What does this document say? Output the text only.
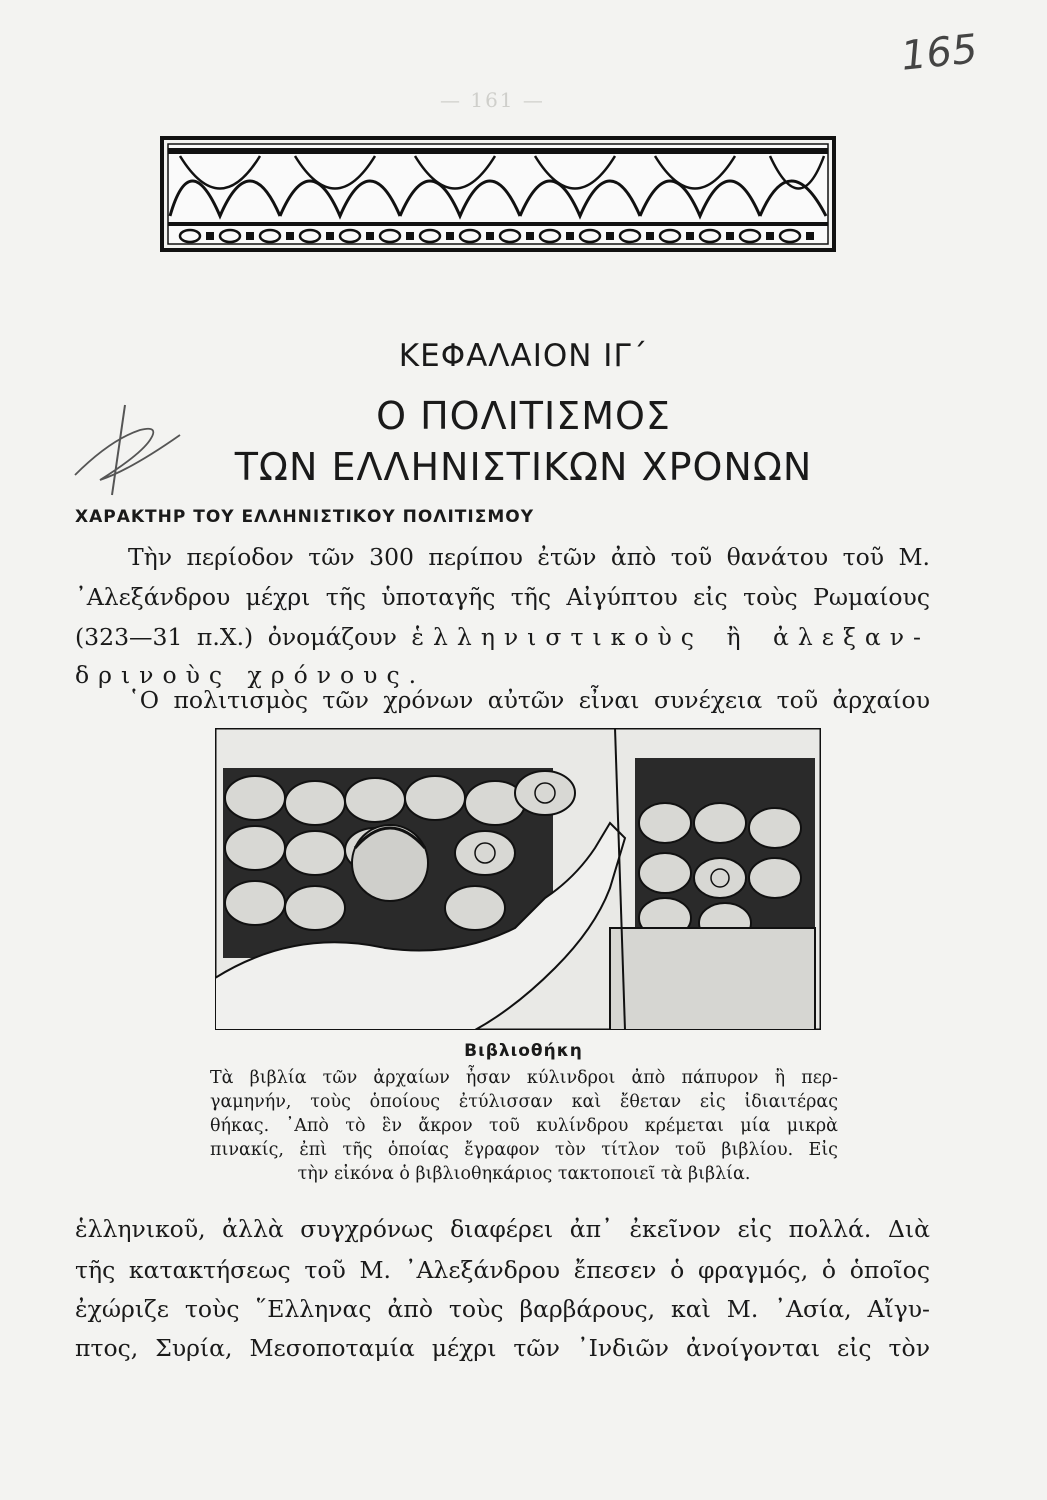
165
— 161 —
ΚΕΦΑΛΑΙΟΝ ΙΓ΄
Ο ΠΟΛΙΤΙΣΜΟΣ
ΤΩΝ ΕΛΛΗΝΙΣΤΙΚΩΝ ΧΡΟΝΩΝ
ΧΑΡΑΚΤΗΡ ΤΟΥ ΕΛΛΗΝΙΣΤΙΚΟΥ ΠΟΛΙΤΙΣΜΟΥ
Τὴν περίοδον τῶν 300 περίπου ἐτῶν ἀπὸ τοῦ θανάτου τοῦ Μ.
᾿Αλεξάνδρου μέχρι τῆς ὑποταγῆς τῆς Αἰγύπτου εἰς τοὺς Ρωμαίους
(323—31 π.Χ.) ὀνομάζουν ἑλληνιστικοὺς ἢ ἀλεξαν-
δρινοὺς χρόνους.
῾Ο πολιτισμὸς τῶν χρόνων αὐτῶν εἶναι συνέχεια τοῦ ἀρχαίου
Βιβλιοθήκη
Τὰ βιβλία τῶν ἀρχαίων ἦσαν κύλινδροι ἀπὸ πάπυρον ἢ περ-
γαμηνήν, τοὺς ὁποίους ἐτύλισσαν καὶ ἔθεταν εἰς ἰδιαιτέρας
θήκας. ᾿Απὸ τὸ ἓν ἄκρον τοῦ κυλίνδρου κρέμεται μία μικρὰ
πινακίς, ἐπὶ τῆς ὁποίας ἔγραφον τὸν τίτλον τοῦ βιβλίου. Εἰς
τὴν εἰκόνα ὁ βιβλιοθηκάριος τακτοποιεῖ τὰ βιβλία.
ἑλληνικοῦ, ἀλλὰ συγχρόνως διαφέρει ἀπ᾿ ἐκεῖνον εἰς πολλά. Διὰ
τῆς κατακτήσεως τοῦ Μ. ᾿Αλεξάνδρου ἔπεσεν ὁ φραγμός, ὁ ὁποῖος
ἐχώριζε τοὺς ῞Ελληνας ἀπὸ τοὺς βαρβάρους, καὶ Μ. ᾿Ασία, Αἴγυ-
πτος, Συρία, Μεσοποταμία μέχρι τῶν ᾿Ινδιῶν ἀνοίγονται εἰς τὸν
